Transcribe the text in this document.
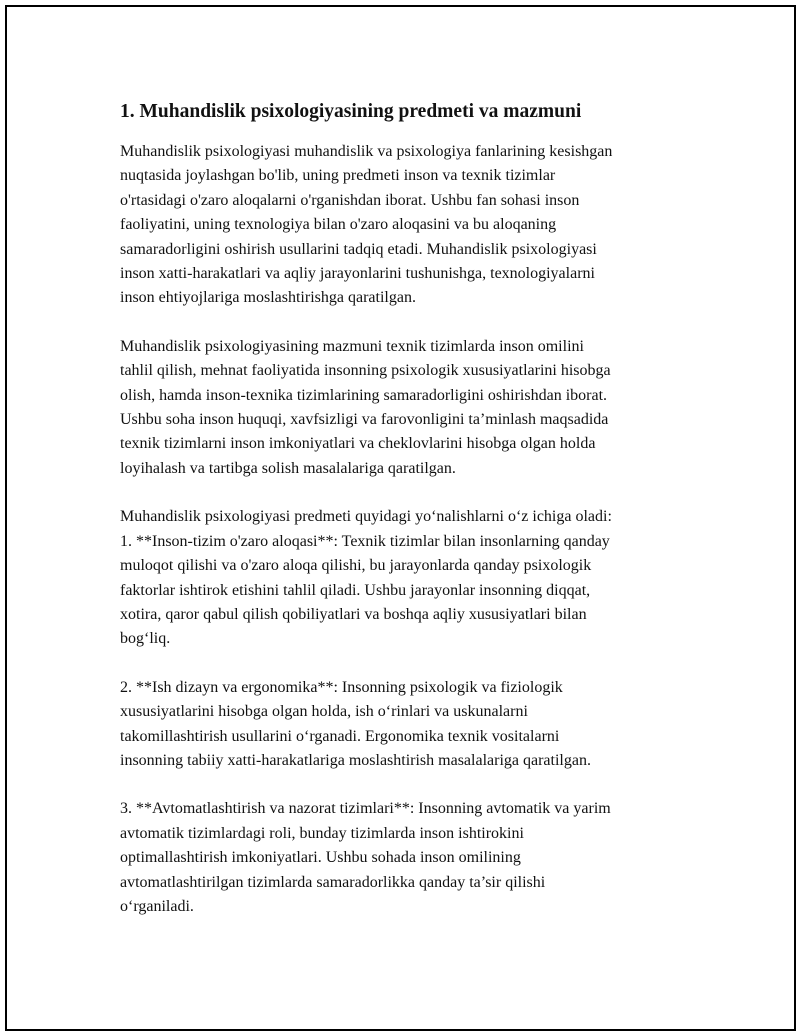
1. Muhandislik psixologiyasining predmeti va mazmuni

Muhandislik psixologiyasi muhandislik va psixologiya fanlarining kesishgan
nuqtasida joylashgan bo'lib, uning predmeti inson va texnik tizimlar
o'rtasidagi o'zaro aloqalarni o'rganishdan iborat. Ushbu fan sohasi inson
faoliyatini, uning texnologiya bilan o'zaro aloqasini va bu aloqaning
samaradorligini oshirish usullarini tadqiq etadi. Muhandislik psixologiyasi
inson xatti-harakatlari va aqliy jarayonlarini tushunishga, texnologiyalarni
inson ehtiyojlariga moslashtirishga qaratilgan.

Muhandislik psixologiyasining mazmuni texnik tizimlarda inson omilini
tahlil qilish, mehnat faoliyatida insonning psixologik xususiyatlarini hisobga
olish, hamda inson-texnika tizimlarining samaradorligini oshirishdan iborat.
Ushbu soha inson huquqi, xavfsizligi va farovonligini ta’minlash maqsadida
texnik tizimlarni inson imkoniyatlari va cheklovlarini hisobga olgan holda
loyihalash va tartibga solish masalalariga qaratilgan.

Muhandislik psixologiyasi predmeti quyidagi yo‘nalishlarni o‘z ichiga oladi:
1. **Inson-tizim o'zaro aloqasi**: Texnik tizimlar bilan insonlarning qanday
muloqot qilishi va o'zaro aloqa qilishi, bu jarayonlarda qanday psixologik
faktorlar ishtirok etishini tahlil qiladi. Ushbu jarayonlar insonning diqqat,
xotira, qaror qabul qilish qobiliyatlari va boshqa aqliy xususiyatlari bilan
bog‘liq.

2. **Ish dizayn va ergonomika**: Insonning psixologik va fiziologik
xususiyatlarini hisobga olgan holda, ish o‘rinlari va uskunalarni
takomillashtirish usullarini o‘rganadi. Ergonomika texnik vositalarni
insonning tabiiy xatti-harakatlariga moslashtirish masalalariga qaratilgan.

3. **Avtomatlashtirish va nazorat tizimlari**: Insonning avtomatik va yarim
avtomatik tizimlardagi roli, bunday tizimlarda inson ishtirokini
optimallashtirish imkoniyatlari. Ushbu sohada inson omilining
avtomatlashtirilgan tizimlarda samaradorlikka qanday ta’sir qilishi
o‘rganiladi.
